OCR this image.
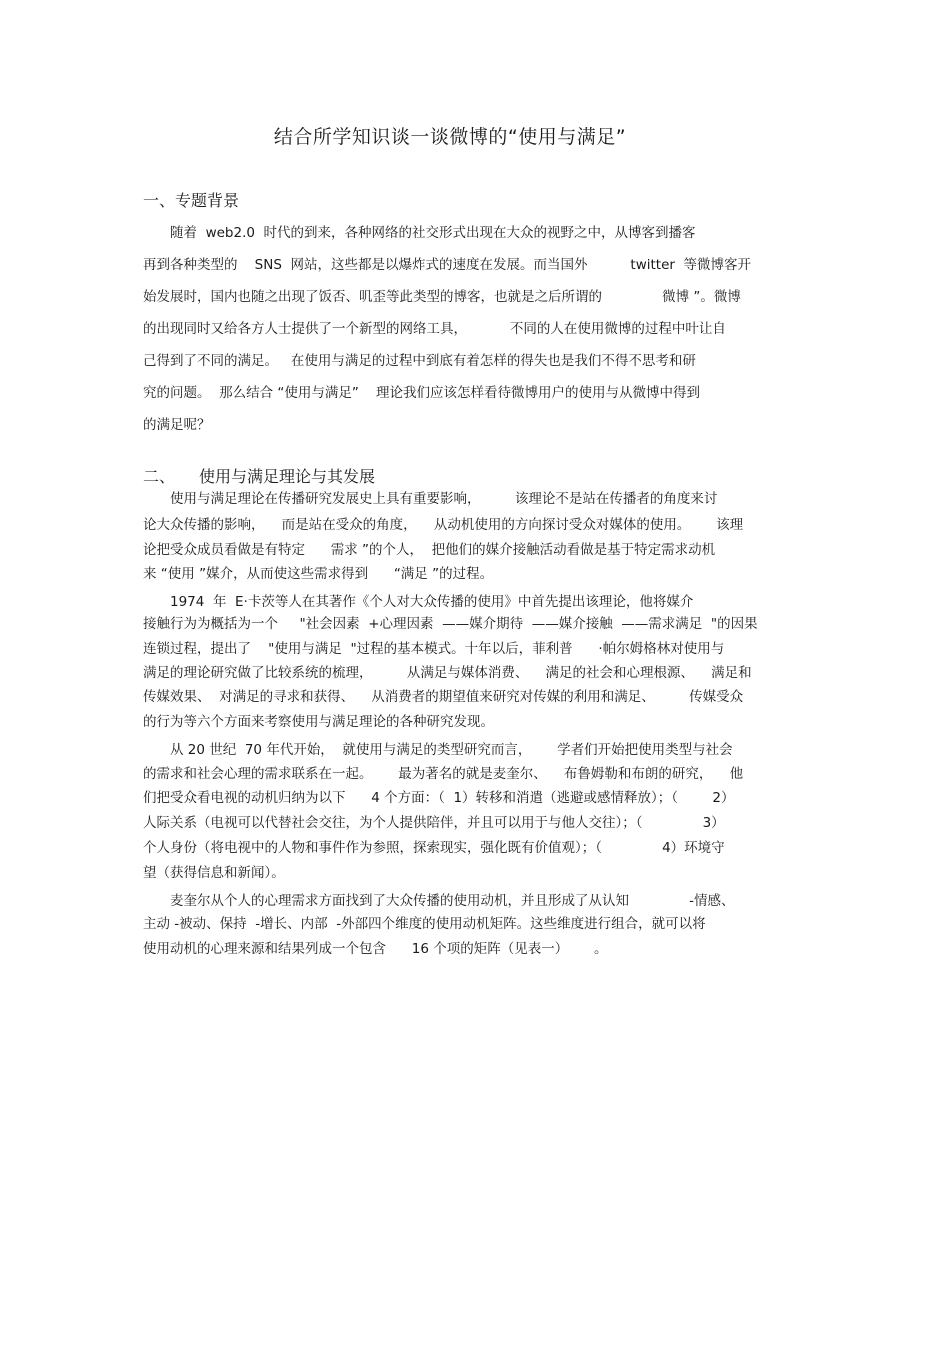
结合所学知识谈一谈微博的“使用与满足”
一、专题背景
二、 使用与满足理论与其发展
　　随着  web2.0  时代的到来，各种网络的社交形式出现在大众的视野之中，从博客到播客
再到各种类型的    SNS  网站，这些都是以爆炸式的速度在发展。而当国外          twitter  等微博客开
始发展时，国内也随之出现了饭否、叽歪等此类型的博客，也就是之后所谓的              微博 ”。微博
的出现同时又给各方人士提供了一个新型的网络工具，          不同的人在使用微博的过程中叶让自
己得到了不同的满足。   在使用与满足的过程中到底有着怎样的得失也是我们不得不思考和研
究的问题。  那么结合 “使用与满足”    理论我们应该怎样看待微博用户的使用与从微博中得到
的满足呢？
　　使用与满足理论在传播研究发展史上具有重要影响，        该理论不是站在传播者的角度来讨
论大众传播的影响，    而是站在受众的角度，    从动机使用的方向探讨受众对媒体的使用。      该理
论把受众成员看做是有特定      需求 ”的个人，  把他们的媒介接触活动看做是基于特定需求动机
来 “使用 ”媒介，从而使这些需求得到      “满足 ”的过程。
　　1974  年  E·卡茨等人在其著作《个人对大众传播的使用》中首先提出该理论，他将媒介
接触行为为概括为一个     "社会因素  +心理因素  ——媒介期待  ——媒介接触  ——需求满足  "的因果
连锁过程，提出了    "使用与满足  "过程的基本模式。十年以后，菲利普      ·帕尔姆格林对使用与
满足的理论研究做了比较系统的梳理，        从满足与媒体消费、    满足的社会和心理根源、    满足和
传媒效果、  对满足的寻求和获得、    从消费者的期望值来研究对传媒的利用和满足、        传媒受众
的行为等六个方面来考察使用与满足理论的各种研究发现。
　　从 20 世纪  70 年代开始，  就使用与满足的类型研究而言，      学者们开始把使用类型与社会
的需求和社会心理的需求联系在一起。      最为著名的就是麦奎尔、    布鲁姆勒和布朗的研究，    他
们把受众看电视的动机归纳为以下      4 个方面：（  1）转移和消遣（逃避或感情释放）；（        2）
人际关系（电视可以代替社会交往，为个人提供陪伴，并且可以用于与他人交往）；（              3）
个人身份（将电视中的人物和事件作为参照，探索现实，强化既有价值观）；（              4）环境守
望（获得信息和新闻）。
　　麦奎尔从个人的心理需求方面找到了大众传播的使用动机，并且形成了从认知              -情感、
主动 -被动、保持  -增长、内部  -外部四个维度的使用动机矩阵。这些维度进行组合，就可以将
使用动机的心理来源和结果列成一个包含      16 个项的矩阵（见表一）      。
